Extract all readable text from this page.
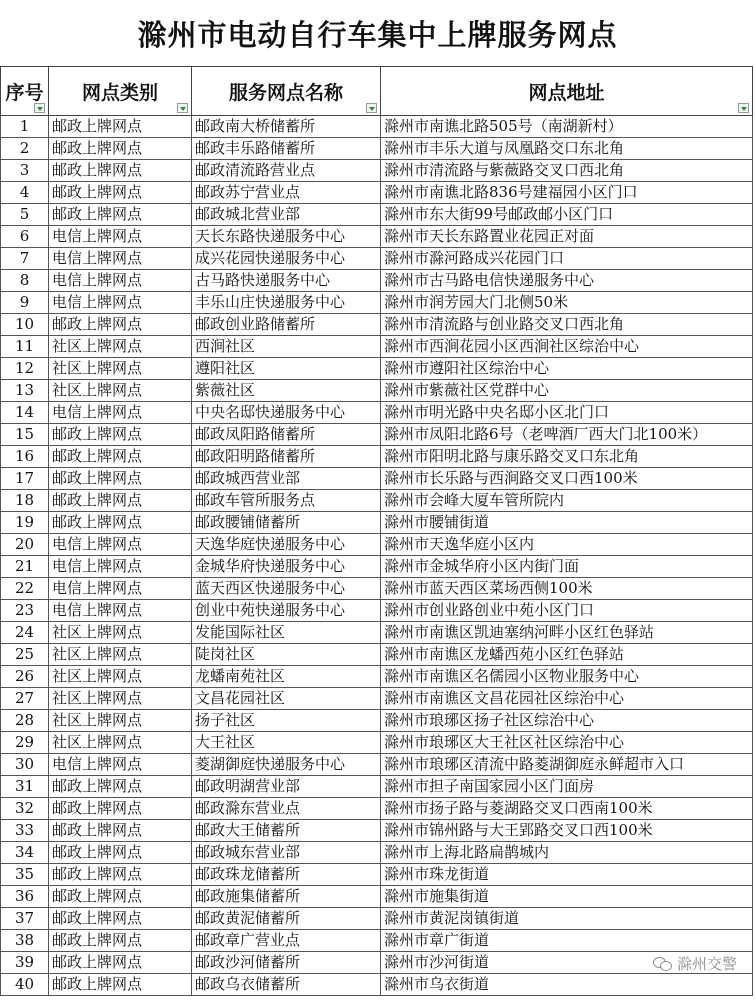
滁州市电动自行车集中上牌服务网点
序号	网点类别	服务网点名称	网点地址

1	邮政上牌网点	邮政南大桥储蓄所	滁州市南谯北路505号（南湖新村）
2	邮政上牌网点	邮政丰乐路储蓄所	滁州市丰乐大道与凤凰路交口东北角
3	邮政上牌网点	邮政清流路营业点	滁州市清流路与紫薇路交叉口西北角
4	邮政上牌网点	邮政苏宁营业点	滁州市南谯北路836号建福园小区门口
5	邮政上牌网点	邮政城北营业部	滁州市东大街99号邮政邮小区门口
6	电信上牌网点	天长东路快递服务中心	滁州市天长东路置业花园正对面
7	电信上牌网点	成兴花园快递服务中心	滁州市滁河路成兴花园门口
8	电信上牌网点	古马路快递服务中心	滁州市古马路电信快递服务中心
9	电信上牌网点	丰乐山庄快递服务中心	滁州市润芳园大门北侧50米
10	邮政上牌网点	邮政创业路储蓄所	滁州市清流路与创业路交叉口西北角
11	社区上牌网点	西涧社区	滁州市西涧花园小区西涧社区综治中心
12	社区上牌网点	遵阳社区	滁州市遵阳社区综治中心
13	社区上牌网点	紫薇社区	滁州市紫薇社区党群中心
14	电信上牌网点	中央名邸快递服务中心	滁州市明光路中央名邸小区北门口
15	邮政上牌网点	邮政凤阳路储蓄所	滁州市凤阳北路6号（老啤酒厂西大门北100米）
16	邮政上牌网点	邮政阳明路储蓄所	滁州市阳明北路与康乐路交叉口东北角
17	邮政上牌网点	邮政城西营业部	滁州市长乐路与西涧路交叉口西100米
18	邮政上牌网点	邮政车管所服务点	滁州市会峰大厦车管所院内
19	邮政上牌网点	邮政腰铺储蓄所	滁州市腰铺街道
20	电信上牌网点	天逸华庭快递服务中心	滁州市天逸华庭小区内
21	电信上牌网点	金城华府快递服务中心	滁州市金城华府小区内街门面
22	电信上牌网点	蓝天西区快递服务中心	滁州市蓝天西区菜场西侧100米
23	电信上牌网点	创业中苑快递服务中心	滁州市创业路创业中苑小区门口
24	社区上牌网点	发能国际社区	滁州市南谯区凯迪塞纳河畔小区红色驿站
25	社区上牌网点	陡岗社区	滁州市南谯区龙蟠西苑小区红色驿站
26	社区上牌网点	龙蟠南苑社区	滁州市南谯区名儒园小区物业服务中心
27	社区上牌网点	文昌花园社区	滁州市南谯区文昌花园社区综治中心
28	社区上牌网点	扬子社区	滁州市琅琊区扬子社区综治中心
29	社区上牌网点	大王社区	滁州市琅琊区大王社区社区综治中心
30	电信上牌网点	菱湖御庭快递服务中心	滁州市琅琊区清流中路菱湖御庭永鲜超市入口
31	邮政上牌网点	邮政明湖营业部	滁州市担子南国家园小区门面房
32	邮政上牌网点	邮政滁东营业点	滁州市扬子路与菱湖路交叉口西南100米
33	邮政上牌网点	邮政大王储蓄所	滁州市锦州路与大王郢路交叉口西100米
34	邮政上牌网点	邮政城东营业部	滁州市上海北路扁鹊城内
35	邮政上牌网点	邮政珠龙储蓄所	滁州市珠龙街道
36	邮政上牌网点	邮政施集储蓄所	滁州市施集街道
37	邮政上牌网点	邮政黄泥储蓄所	滁州市黄泥岗镇街道
38	邮政上牌网点	邮政章广营业点	滁州市章广街道
39	邮政上牌网点	邮政沙河储蓄所	滁州市沙河街道
40	邮政上牌网点	邮政乌衣储蓄所	滁州市乌衣街道
滁州交警
